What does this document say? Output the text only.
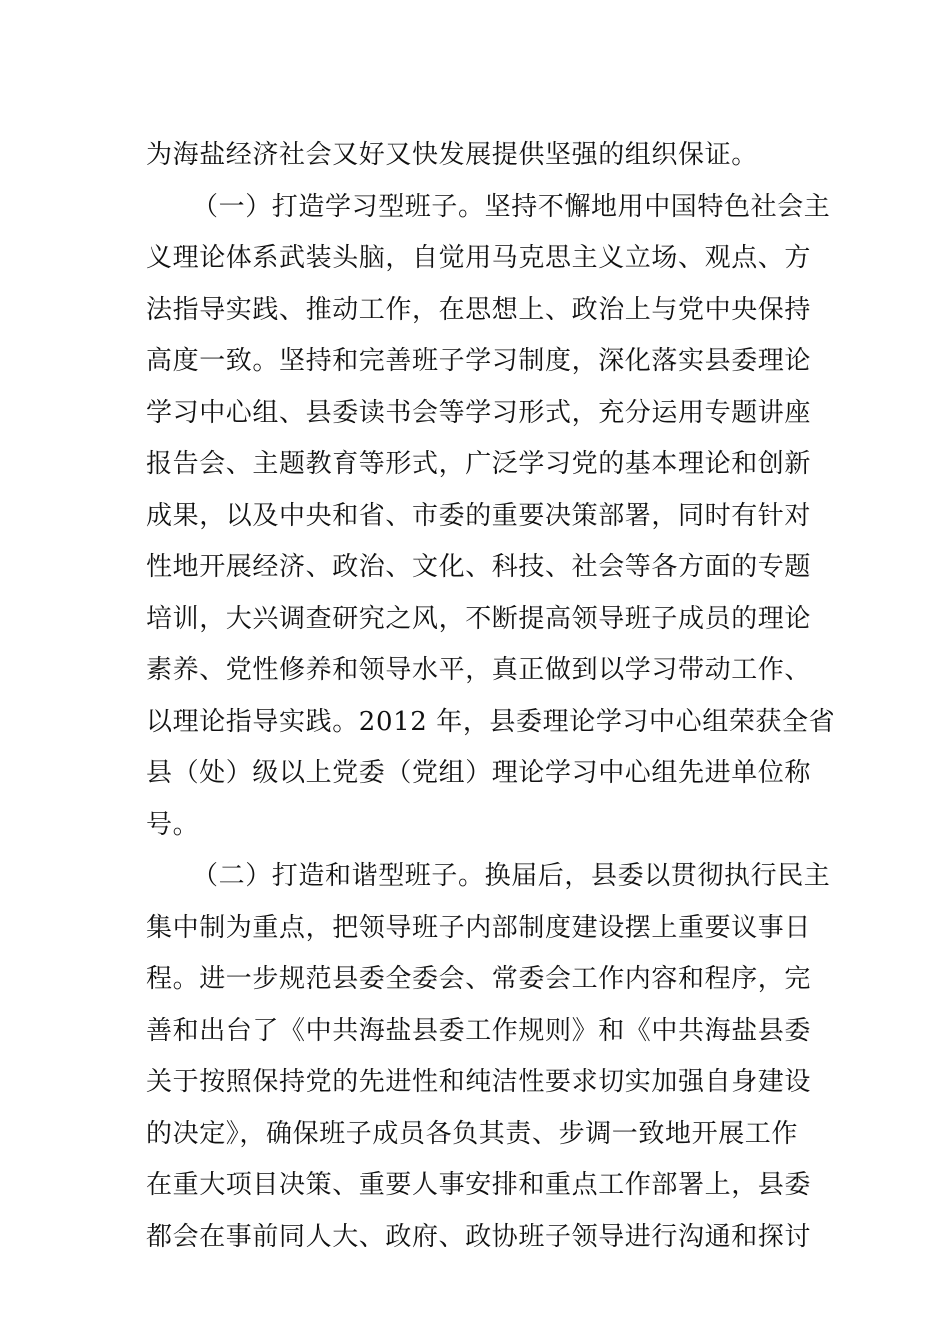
为海盐经济社会又好又快发展提供坚强的组织保证。
（一）打造学习型班子。坚持不懈地用中国特色社会主
义理论体系武装头脑，自觉用马克思主义立场、观点、方
法指导实践、推动工作，在思想上、政治上与党中央保持
高度一致。坚持和完善班子学习制度，深化落实县委理论
学习中心组、县委读书会等学习形式，充分运用专题讲座
报告会、主题教育等形式，广泛学习党的基本理论和创新
成果，以及中央和省、市委的重要决策部署，同时有针对
性地开展经济、政治、文化、科技、社会等各方面的专题
培训，大兴调查研究之风，不断提高领导班子成员的理论
素养、党性修养和领导水平，真正做到以学习带动工作、
以理论指导实践。2012 年，县委理论学习中心组荣获全省
县（处）级以上党委（党组）理论学习中心组先进单位称
号。
（二）打造和谐型班子。换届后，县委以贯彻执行民主
集中制为重点，把领导班子内部制度建设摆上重要议事日
程。进一步规范县委全委会、常委会工作内容和程序，完
善和出台了《中共海盐县委工作规则》和《中共海盐县委
关于按照保持党的先进性和纯洁性要求切实加强自身建设
的决定》，确保班子成员各负其责、步调一致地开展工作
在重大项目决策、重要人事安排和重点工作部署上，县委
都会在事前同人大、政府、政协班子领导进行沟通和探讨
